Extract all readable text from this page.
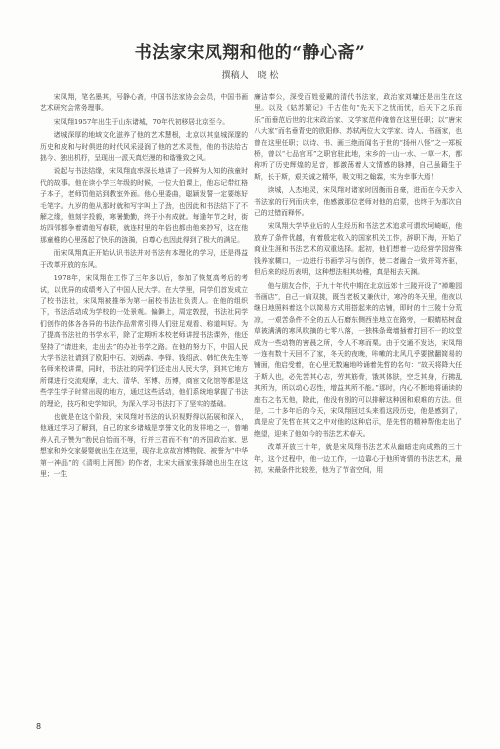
书法家宋凤翔和他的“静心斋”
撰稿人　晓 松

宋凤翔，笔名墨其，号静心斋，中国书法家协会会员，中国书画艺术研究会常务理事。

宋凤翔1957年出生于山东诸城，70年代初移居北京至今。

诸城深厚的地域文化滋养了他的艺术慧根，北京以其皇城深邃的历史和皮和与时俱进的时代风采浸润了他的艺术灵性，他的书法给古拙今、独出机杼，呈现出一派天真烂漫的和谐雅致之风。

说起与书法结缘，宋凤翔直率深长地讲了一段鲜为人知的孩童时代的故事。他在读小学三年级的时候，一位大伯课上，他忘记带红格子本子，老师罚他站到教室外面。他心里委曲，聪颖发誓一定要练好毛笔字。九岁的他从那时就和写字叫上了劲，也因此和书法结下了不解之缘，他刻字投毅，寒暑勤勤，终于小有成就。每逢年节之时，街坊四邻都争着请他写春联，就连村里的年俗也都由他来抄写，这在他那童稚的心里荡起了快乐的涟漪，自尊心也因此得到了极大的满足。

而宋凤翔真正开始认识书法并对书法有本理化的学习，还是得益于改革开放的东风。

1978年，宋凤翔在工作了三年多以后，参加了恢复高考后的考试，以优异的成绩考入了中国人民大学。在大学里，同学们首发成立了校书法社，宋凤翔被推举为第一届校书法社负责人。在他的组织下，书法活动成为学校的一处景观。偏僻上，周定敦授，书法社同学们创作的体各各异的书法作品常常引得人们驻足观看、称道叫好。为了提高书法社的书学水平，除了定期听本校老师讲授书法课外，他还坚持了“请进来，走出去”的办社书学之路。在他的努力下，中国人民大学书法社请到了欧阳中石、刘炳森、李铎、钱绍武、韩忙侠先生等名师来校讲课，同时，书法社的同学们还走出人民大学，到其它地方所课进行交流观摩，北大、清华、军博、历博，商宦文化馆等都是这些学生学子时常出现的地方，通过这些活动，他们系统地掌握了书法的理论，技巧和史学知识，为深入学习书法打下了坚实的基础。

也就是在这个阶段，宋凤翔对书法的认识视野得以拓展和深入，他通过学习了解到，自己的家乡诸城是享誉文化的发祥地之一，曾哺养人孔子赞为“勃民自怡而不辱，行并三君而不有”的齐国政治家、思想家和外交家晏婴就出生在这里，现存北京故宫博物院、被誉为“中华第一神品”的《清明上河图》的作者，北宋大画家张择端也出生在这里；一生

廉洁奉公，深受百姓爱戴的清代书法家，政治家刘墉还是出生在这里。以及《姑苏繁记》千古佳句“先天下之忧而忧，后天下之乐而乐”而垂范后世的北宋政治家、文学家范仲淹曾在这里任职；以“唐宋八大家”而名垂青史的欧阳修、苏轼两位大文学家、诗人、书画家，也曾在这里任职；以诗、书、画三绝而闻名于世的“扬州八怪”之一郑板桥，曾以“七品官耳”之职官驻此地，宋乡的一山一水、一草一木，都称听了历史辉煌的足音，都激荡着人文情感的脉搏，自己虽籍生于斯，长于斯，艰关诚之精华，吸文明之翰霖，实为幸事大焉！

读城，人杰地灵，宋凤翔对诸家时因衡而自豪，进而在今天步入书法家的行列而庆幸，他感激那位老师对他的启蒙，也终于为那次自己的过错而释怀。

宋凤翔大学毕业后的人生经历和书法艺术追求可谓坎坷崎岖，他放弃了条件优越，有着殷定收入的国家机关工作，辞职下海，开始了商业生涯和书法艺术的双重选择。起初，他们想着一边经营学园营殊钱养家糊口，一边进行书画学习与创作，使二者融合一致并驾齐驱，但后来的经历表明，这种想法相其幼稚，真是相去天渊。

他与朋友合作，于九十年代中期在北京远郊十三陵开设了“禅趣园书画店”，自己一肩双挑，既当老板又兼伙计，寒冷的冬天里，他夜以继日地照料着这个以简易方式用搭起来的店铺，即时的十三陵十分荒凉，一艰苦条件不全的五人石磨东侧西坐地立在路旁，一眼睛枯树盘草被满满的寒风吹摘的七零八落，一独株条鸯墙插着打回不一的坟堂成为一些动物的害晨之所，令人不寒而栗。由于交通不发达，宋凤翔一连有数十天回不了家，冬天的夜晚，咔嗽的北风几乎要掀翻简易的铺面，他启受着，在心里无数遍地吟诵着先哲的名句：“故天将降大任于斯人也，必先苦其心志，劳其筋骨，饿其体肤，空乏其身，行拂乱其所为，所以动心忍性，增益其所不能。”那时，内心不断地将诵读的座右之名无他，除此，他没有别的可以排解这种困和艰难的方法。但是，二十多年后的今天，宋凤翔回过头来看这段历史，他是感到了，真是应了先哲在其文之中对他的这种启示，是先哲的精神帮他走出了绝望，迎来了他如今的书法艺术春天。

改革开放三十年，就是宋凤翔书法艺术从幽暗走向成熟的三十年，这个过程中，他一边工作，一边靠心于他所寄情的书法艺术，最初，宋最条件比较差，他为了节省空间，用

8
